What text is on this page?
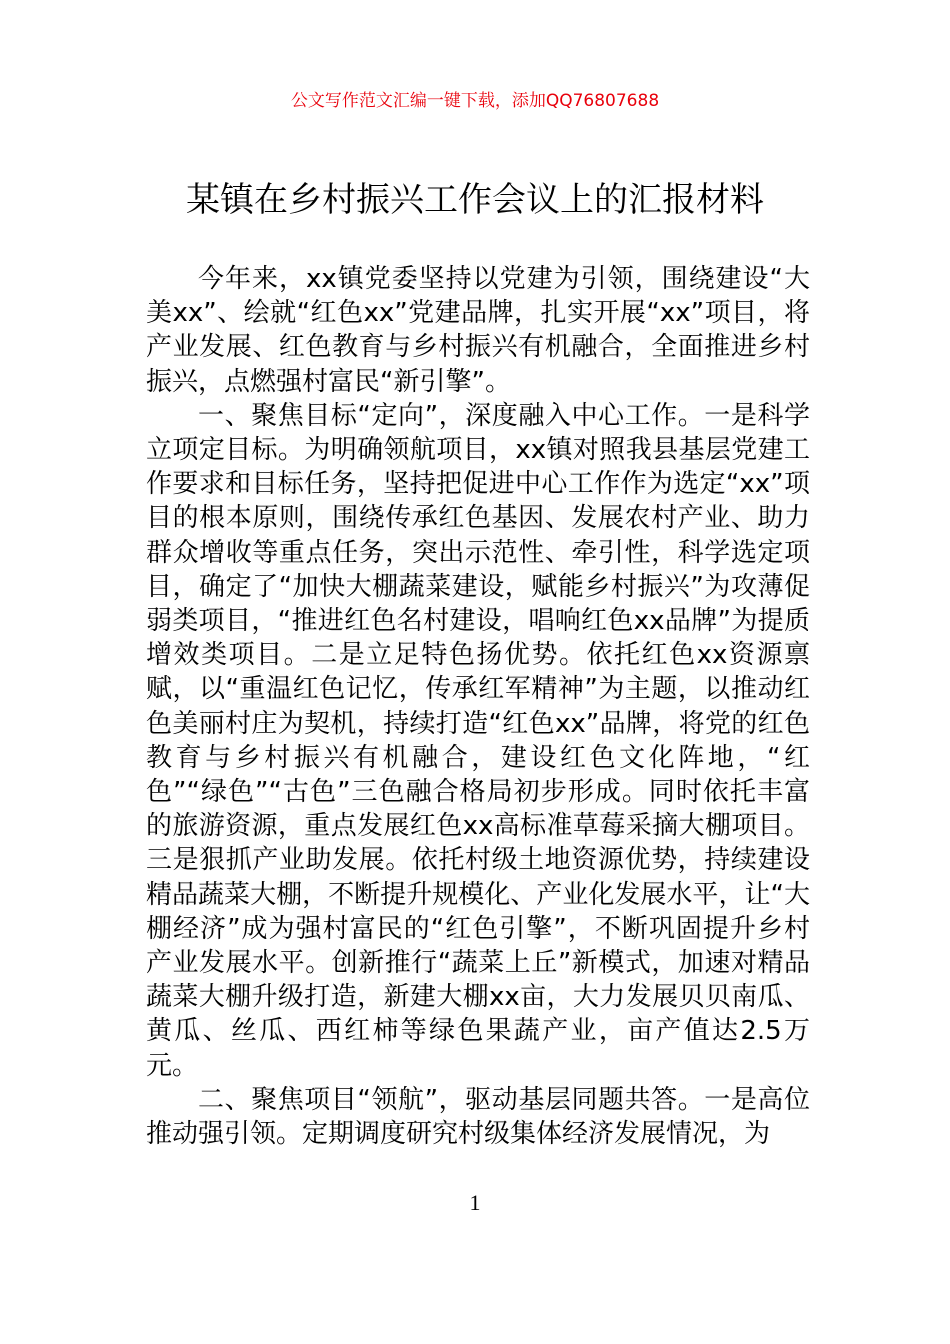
公文写作范文汇编一键下载，添加QQ76807688
某镇在乡村振兴工作会议上的汇报材料

今年来，xx镇党委坚持以党建为引领，围绕建设“大美xx”、绘就“红色xx”党建品牌，扎实开展“xx”项目，将产业发展、红色教育与乡村振兴有机融合，全面推进乡村振兴，点燃强村富民“新引擎”。

一、聚焦目标“定向”，深度融入中心工作。一是科学立项定目标。为明确领航项目，xx镇对照我县基层党建工作要求和目标任务，坚持把促进中心工作作为选定“xx”项目的根本原则，围绕传承红色基因、发展农村产业、助力群众增收等重点任务，突出示范性、牵引性，科学选定项目，确定了“加快大棚蔬菜建设，赋能乡村振兴”为攻薄促弱类项目，“推进红色名村建设，唱响红色xx品牌”为提质增效类项目。二是立足特色扬优势。依托红色xx资源禀赋，以“重温红色记忆，传承红军精神”为主题，以推动红色美丽村庄为契机，持续打造“红色xx”品牌，将党的红色教育与乡村振兴有机融合，建设红色文化阵地，“红色”“绿色”“古色”三色融合格局初步形成。同时依托丰富的旅游资源，重点发展红色xx高标准草莓采摘大棚项目。三是狠抓产业助发展。依托村级土地资源优势，持续建设精品蔬菜大棚，不断提升规模化、产业化发展水平，让“大棚经济”成为强村富民的“红色引擎”，不断巩固提升乡村产业发展水平。创新推行“蔬菜上丘”新模式，加速对精品蔬菜大棚升级打造，新建大棚xx亩，大力发展贝贝南瓜、黄瓜、丝瓜、西红柿等绿色果蔬产业，亩产值达2.5万元。

二、聚焦项目“领航”，驱动基层同题共答。一是高位推动强引领。定期调度研究村级集体经济发展情况，为

1
